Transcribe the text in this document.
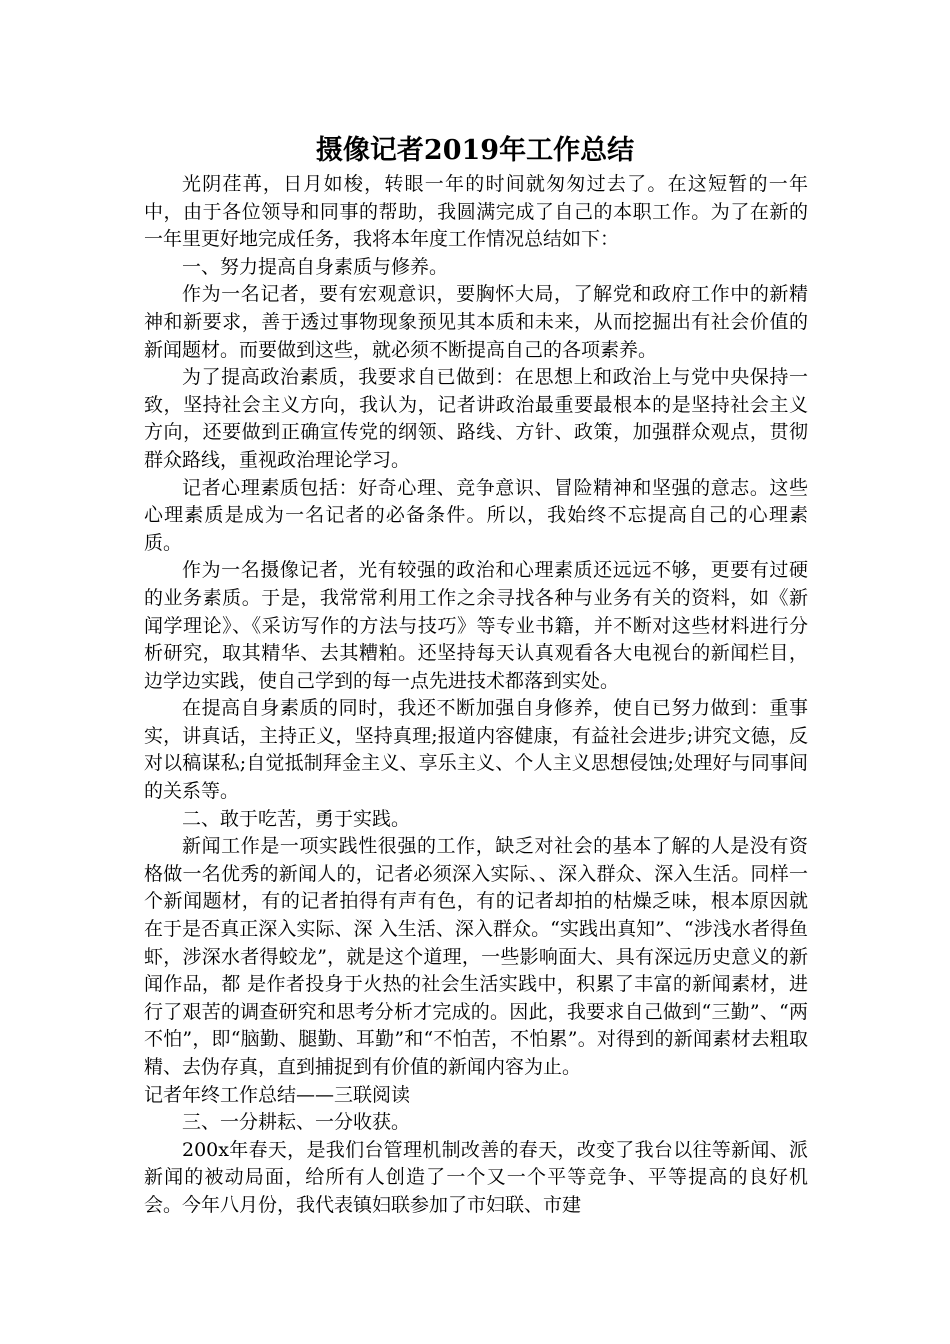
摄像记者2019年工作总结

光阴荏苒，日月如梭，转眼一年的时间就匆匆过去了。在这短暂的一年中，由于各位领导和同事的帮助，我圆满完成了自己的本职工作。为了在新的一年里更好地完成任务，我将本年度工作情况总结如下：

一、努力提高自身素质与修养。

作为一名记者，要有宏观意识，要胸怀大局，了解党和政府工作中的新精神和新要求，善于透过事物现象预见其本质和未来，从而挖掘出有社会价值的新闻题材。而要做到这些，就必须不断提高自己的各项素养。

为了提高政治素质，我要求自已做到：在思想上和政治上与党中央保持一致，坚持社会主义方向，我认为，记者讲政治最重要最根本的是坚持社会主义方向，还要做到正确宣传党的纲领、路线、方针、政策，加强群众观点，贯彻群众路线，重视政治理论学习。

记者心理素质包括：好奇心理、竞争意识、冒险精神和坚强的意志。这些心理素质是成为一名记者的必备条件。所以，我始终不忘提高自己的心理素质。

作为一名摄像记者，光有较强的政治和心理素质还远远不够，更要有过硬的业务素质。于是，我常常利用工作之余寻找各种与业务有关的资料，如《新闻学理论》、《采访写作的方法与技巧》等专业书籍，并不断对这些材料进行分析研究，取其精华、去其糟粕。还坚持每天认真观看各大电视台的新闻栏目，边学边实践，使自己学到的每一点先进技术都落到实处。

在提高自身素质的同时，我还不断加强自身修养，使自已努力做到：重事实，讲真话，主持正义，坚持真理;报道内容健康，有益社会进步;讲究文德，反对以稿谋私;自觉抵制拜金主义、享乐主义、个人主义思想侵蚀;处理好与同事间的关系等。

二、敢于吃苦，勇于实践。

新闻工作是一项实践性很强的工作，缺乏对社会的基本了解的人是没有资格做一名优秀的新闻人的，记者必须深入实际、、深入群众、深入生活。同样一个新闻题材，有的记者拍得有声有色，有的记者却拍的枯燥乏味，根本原因就在于是否真正深入实际、深 入生活、深入群众。“实践出真知”、“涉浅水者得鱼虾，涉深水者得蛟龙”，就是这个道理，一些影响面大、具有深远历史意义的新闻作品，都 是作者投身于火热的社会生活实践中，积累了丰富的新闻素材，进行了艰苦的调查研究和思考分析才完成的。因此，我要求自己做到“三勤”、“两不怕”，即“脑勤、腿勤、耳勤”和“不怕苦，不怕累”。对得到的新闻素材去粗取精、去伪存真，直到捕捉到有价值的新闻内容为止。

记者年终工作总结——三联阅读

三、一分耕耘、一分收获。

200x年春天，是我们台管理机制改善的春天，改变了我台以往等新闻、派新闻的被动局面，给所有人创造了一个又一个平等竞争、平等提高的良好机会。今年八月份，我代表镇妇联参加了市妇联、市建
